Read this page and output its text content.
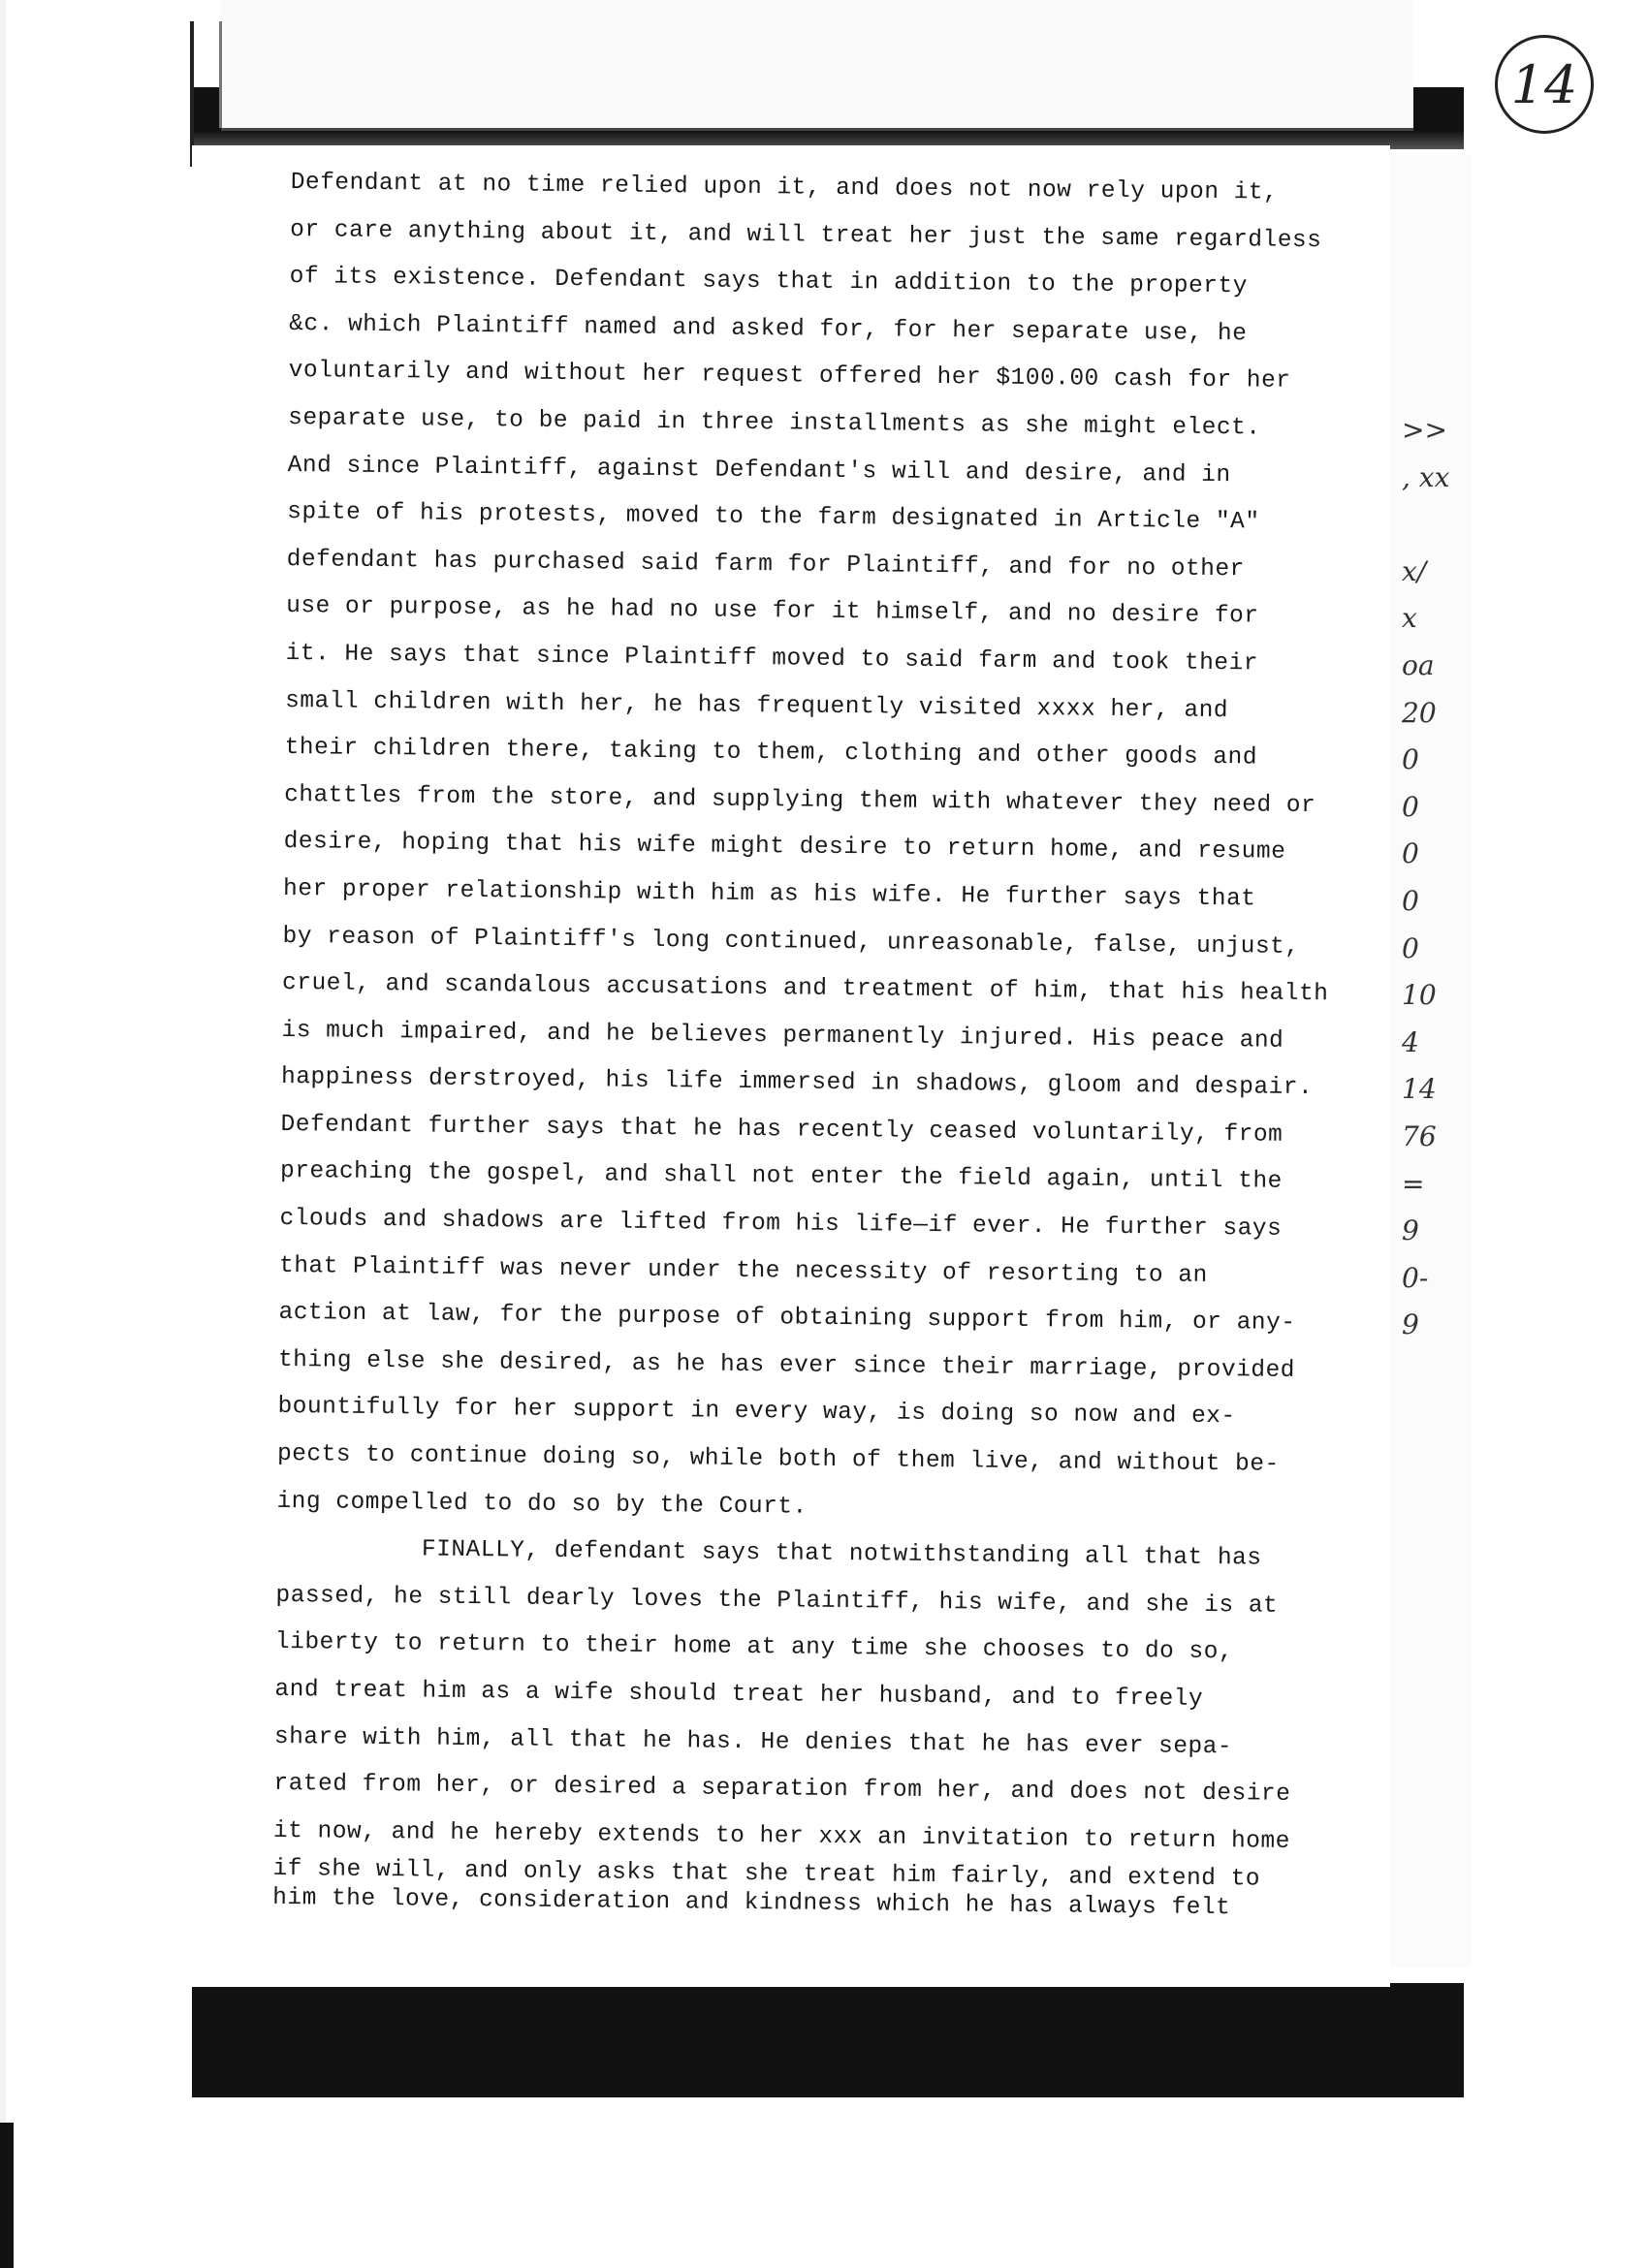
14
>>
, xx
x/
x
oa
20
0
0
0
0
0
10
4
14
76
=
9
0-
9

Defendant at no time relied upon it, and does not now rely upon it,

or care anything about it, and will treat her just the same regardless

of its existence. Defendant says that in addition to the property

&c. which Plaintiff named and asked for, for her separate use, he

voluntarily and without her request offered her $100.00 cash for her

separate use, to be paid in three installments as she might elect.

And since Plaintiff, against Defendant's will and desire, and in

spite of his protests, moved to the farm designated in Article "A"

defendant has purchased said farm for Plaintiff, and for no other

use or purpose, as he had no use for it himself, and no desire for

it. He says that since Plaintiff moved to said farm and took their

small children with her, he has frequently visited xxxx her, and

their children there, taking to them, clothing and other goods and

chattles from the store, and supplying them with whatever they need or

desire, hoping that his wife might desire to return home, and resume

her proper relationship with him as his wife. He further says that

by reason of Plaintiff's long continued, unreasonable, false, unjust,

cruel, and scandalous accusations and treatment of him, that his health

is much impaired, and he believes permanently injured. His peace and

happiness derstroyed, his life immersed in shadows, gloom and despair.

Defendant further says that he has recently ceased voluntarily, from

preaching the gospel, and shall not enter the field again, until the

clouds and shadows are lifted from his life—if ever. He further says

that Plaintiff was never under the necessity of resorting to an

action at law, for the purpose of obtaining support from him, or any-

thing else she desired, as he has ever since their marriage, provided

bountifully for her support in every way, is doing so now and ex-

pects to continue doing so, while both of them live, and without be-

ing compelled to do so by the Court.

FINALLY, defendant says that notwithstanding all that has

passed, he still dearly loves the Plaintiff, his wife, and she is at

liberty to return to their home at any time she chooses to do so,

and treat him as a wife should treat her husband, and to freely

share with him, all that he has. He denies that he has ever sepa-

rated from her, or desired a separation from her, and does not desire

it now, and he hereby extends to her xxx an invitation to return home

if she will, and only asks that she treat him fairly, and extend to

him the love, consideration and kindness which he has always felt
